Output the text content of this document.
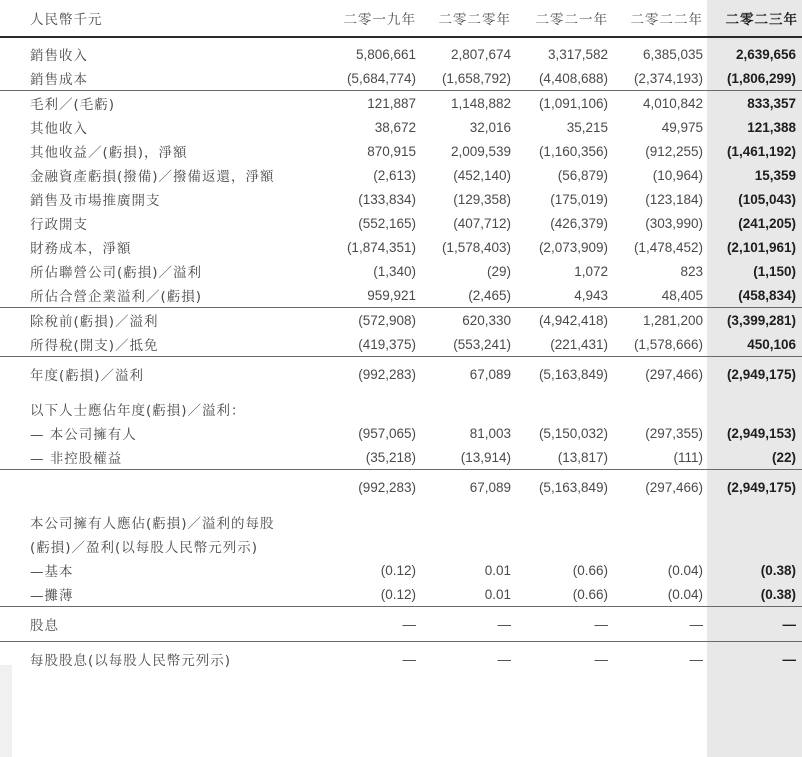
人民幣千元	二零一九年	二零二零年	二零二一年	二零二二年	二零二三年
銷售收入	5,806,661	2,807,674	3,317,582	6,385,035	2,639,656
銷售成本	(5,684,774)	(1,658,792)	(4,408,688)	(2,374,193)	(1,806,299)
毛利／(毛虧)	121,887	1,148,882	(1,091,106)	4,010,842	833,357
其他收入	38,672	32,016	35,215	49,975	121,388
其他收益／(虧損)，淨額	870,915	2,009,539	(1,160,356)	(912,255)	(1,461,192)
金融資產虧損(撥備)／撥備返還，淨額	(2,613)	(452,140)	(56,879)	(10,964)	15,359
銷售及市場推廣開支	(133,834)	(129,358)	(175,019)	(123,184)	(105,043)
行政開支	(552,165)	(407,712)	(426,379)	(303,990)	(241,205)
財務成本，淨額	(1,874,351)	(1,578,403)	(2,073,909)	(1,478,452)	(2,101,961)
所佔聯營公司(虧損)／溢利	(1,340)	(29)	1,072	823	(1,150)
所佔合營企業溢利／(虧損)	959,921	(2,465)	4,943	48,405	(458,834)
除稅前(虧損)／溢利	(572,908)	620,330	(4,942,418)	1,281,200	(3,399,281)
所得稅(開支)／抵免	(419,375)	(553,241)	(221,431)	(1,578,666)	450,106
年度(虧損)／溢利	(992,283)	67,089	(5,163,849)	(297,466)	(2,949,175)
以下人士應佔年度(虧損)／溢利：					
— 本公司擁有人	(957,065)	81,003	(5,150,032)	(297,355)	(2,949,153)
— 非控股權益	(35,218)	(13,914)	(13,817)	(111)	(22)
	(992,283)	67,089	(5,163,849)	(297,466)	(2,949,175)
本公司擁有人應佔(虧損)／溢利的每股					
(虧損)／盈利(以每股人民幣元列示)					
—基本	(0.12)	0.01	(0.66)	(0.04)	(0.38)
—攤薄	(0.12)	0.01	(0.66)	(0.04)	(0.38)
股息	—	—	—	—	—
每股股息(以每股人民幣元列示)	—	—	—	—	—
